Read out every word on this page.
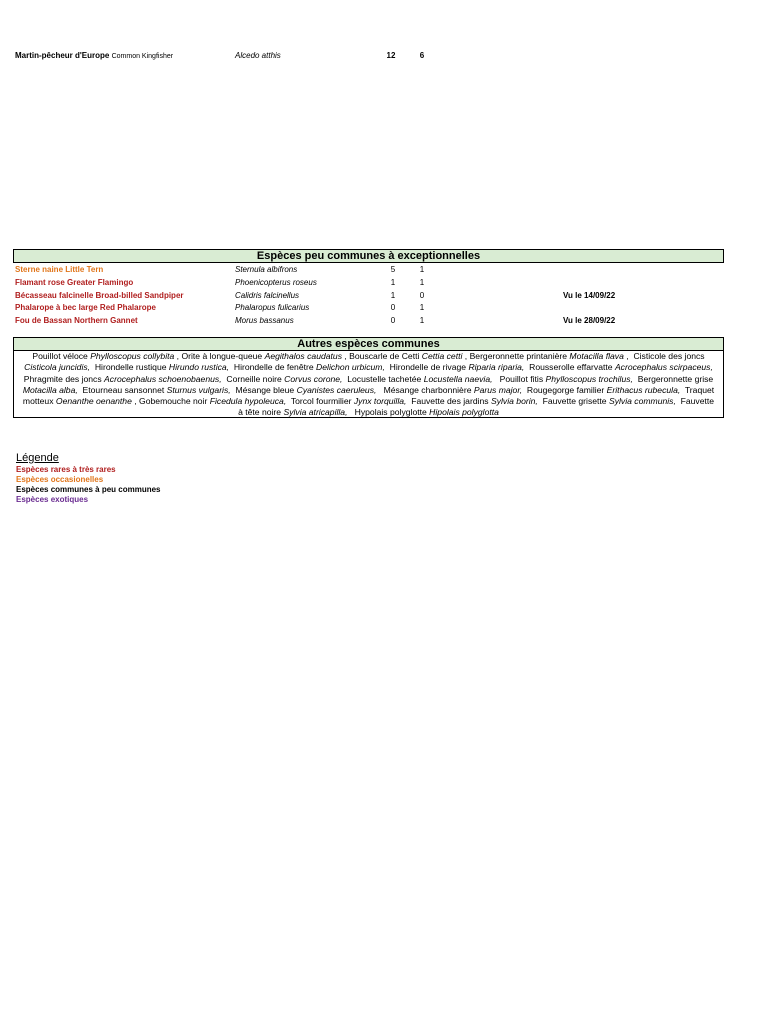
Martin-pêcheur d'Europe Common Kingfisher	Alcedo atthis	12	6
Espèces peu communes à exceptionnelles
Sterne naine Little Tern	Sternula albifrons	5	1
Flamant rose Greater Flamingo	Phoenicopterus roseus	1	1
Bécasseau falcinelle Broad-billed Sandpiper	Calidris falcinellus	1	0	Vu le 14/09/22
Phalarope à bec large Red Phalarope	Phalaropus fulicarius	0	1
Fou de Bassan Northern Gannet	Morus bassanus	0	1	Vu le 28/09/22
Autres espèces communes
Pouillot véloce Phylloscopus collybita , Orite à longue-queue Aegithalos caudatus , Bouscarle de Cetti Cettia cetti , Bergeronnette printanière Motacilla flava ,  Cisticole des joncs Cisticola juncidis, Hirondelle rustique Hirundo rustica, Hirondelle de fenêtre Delichon urbicum, Hirondelle de rivage Riparia riparia, Rousserolle effarvatte Acrocephalus scirpaceus,  Phragmite des joncs Acrocephalus schoenobaenus, Corneille noire Corvus corone, Locustelle tachetée Locustella naevia, Pouillot fitis Phylloscopus trochilus, Bergeronnette grise Motacilla alba, Etourneau sansonnet Sturnus vulgaris, Mésange bleue Cyanistes caeruleus, Mésange charbonnière Parus major, Rougegorge familier Erithacus rubecula, Traquet motteux Oenanthe oenanthe , Gobemouche noir Ficedula hypoleuca, Torcol fourmilier Jynx torquilla, Fauvette des jardins Sylvia borin, Fauvette grisette Sylvia communis, Fauvette à tête noire Sylvia atricapilla, Hypolais polyglotte Hipolais polyglotta
Légende
Espèces rares à très rares
Espèces occasionelles
Espèces communes à peu communes
Espèces exotiques
